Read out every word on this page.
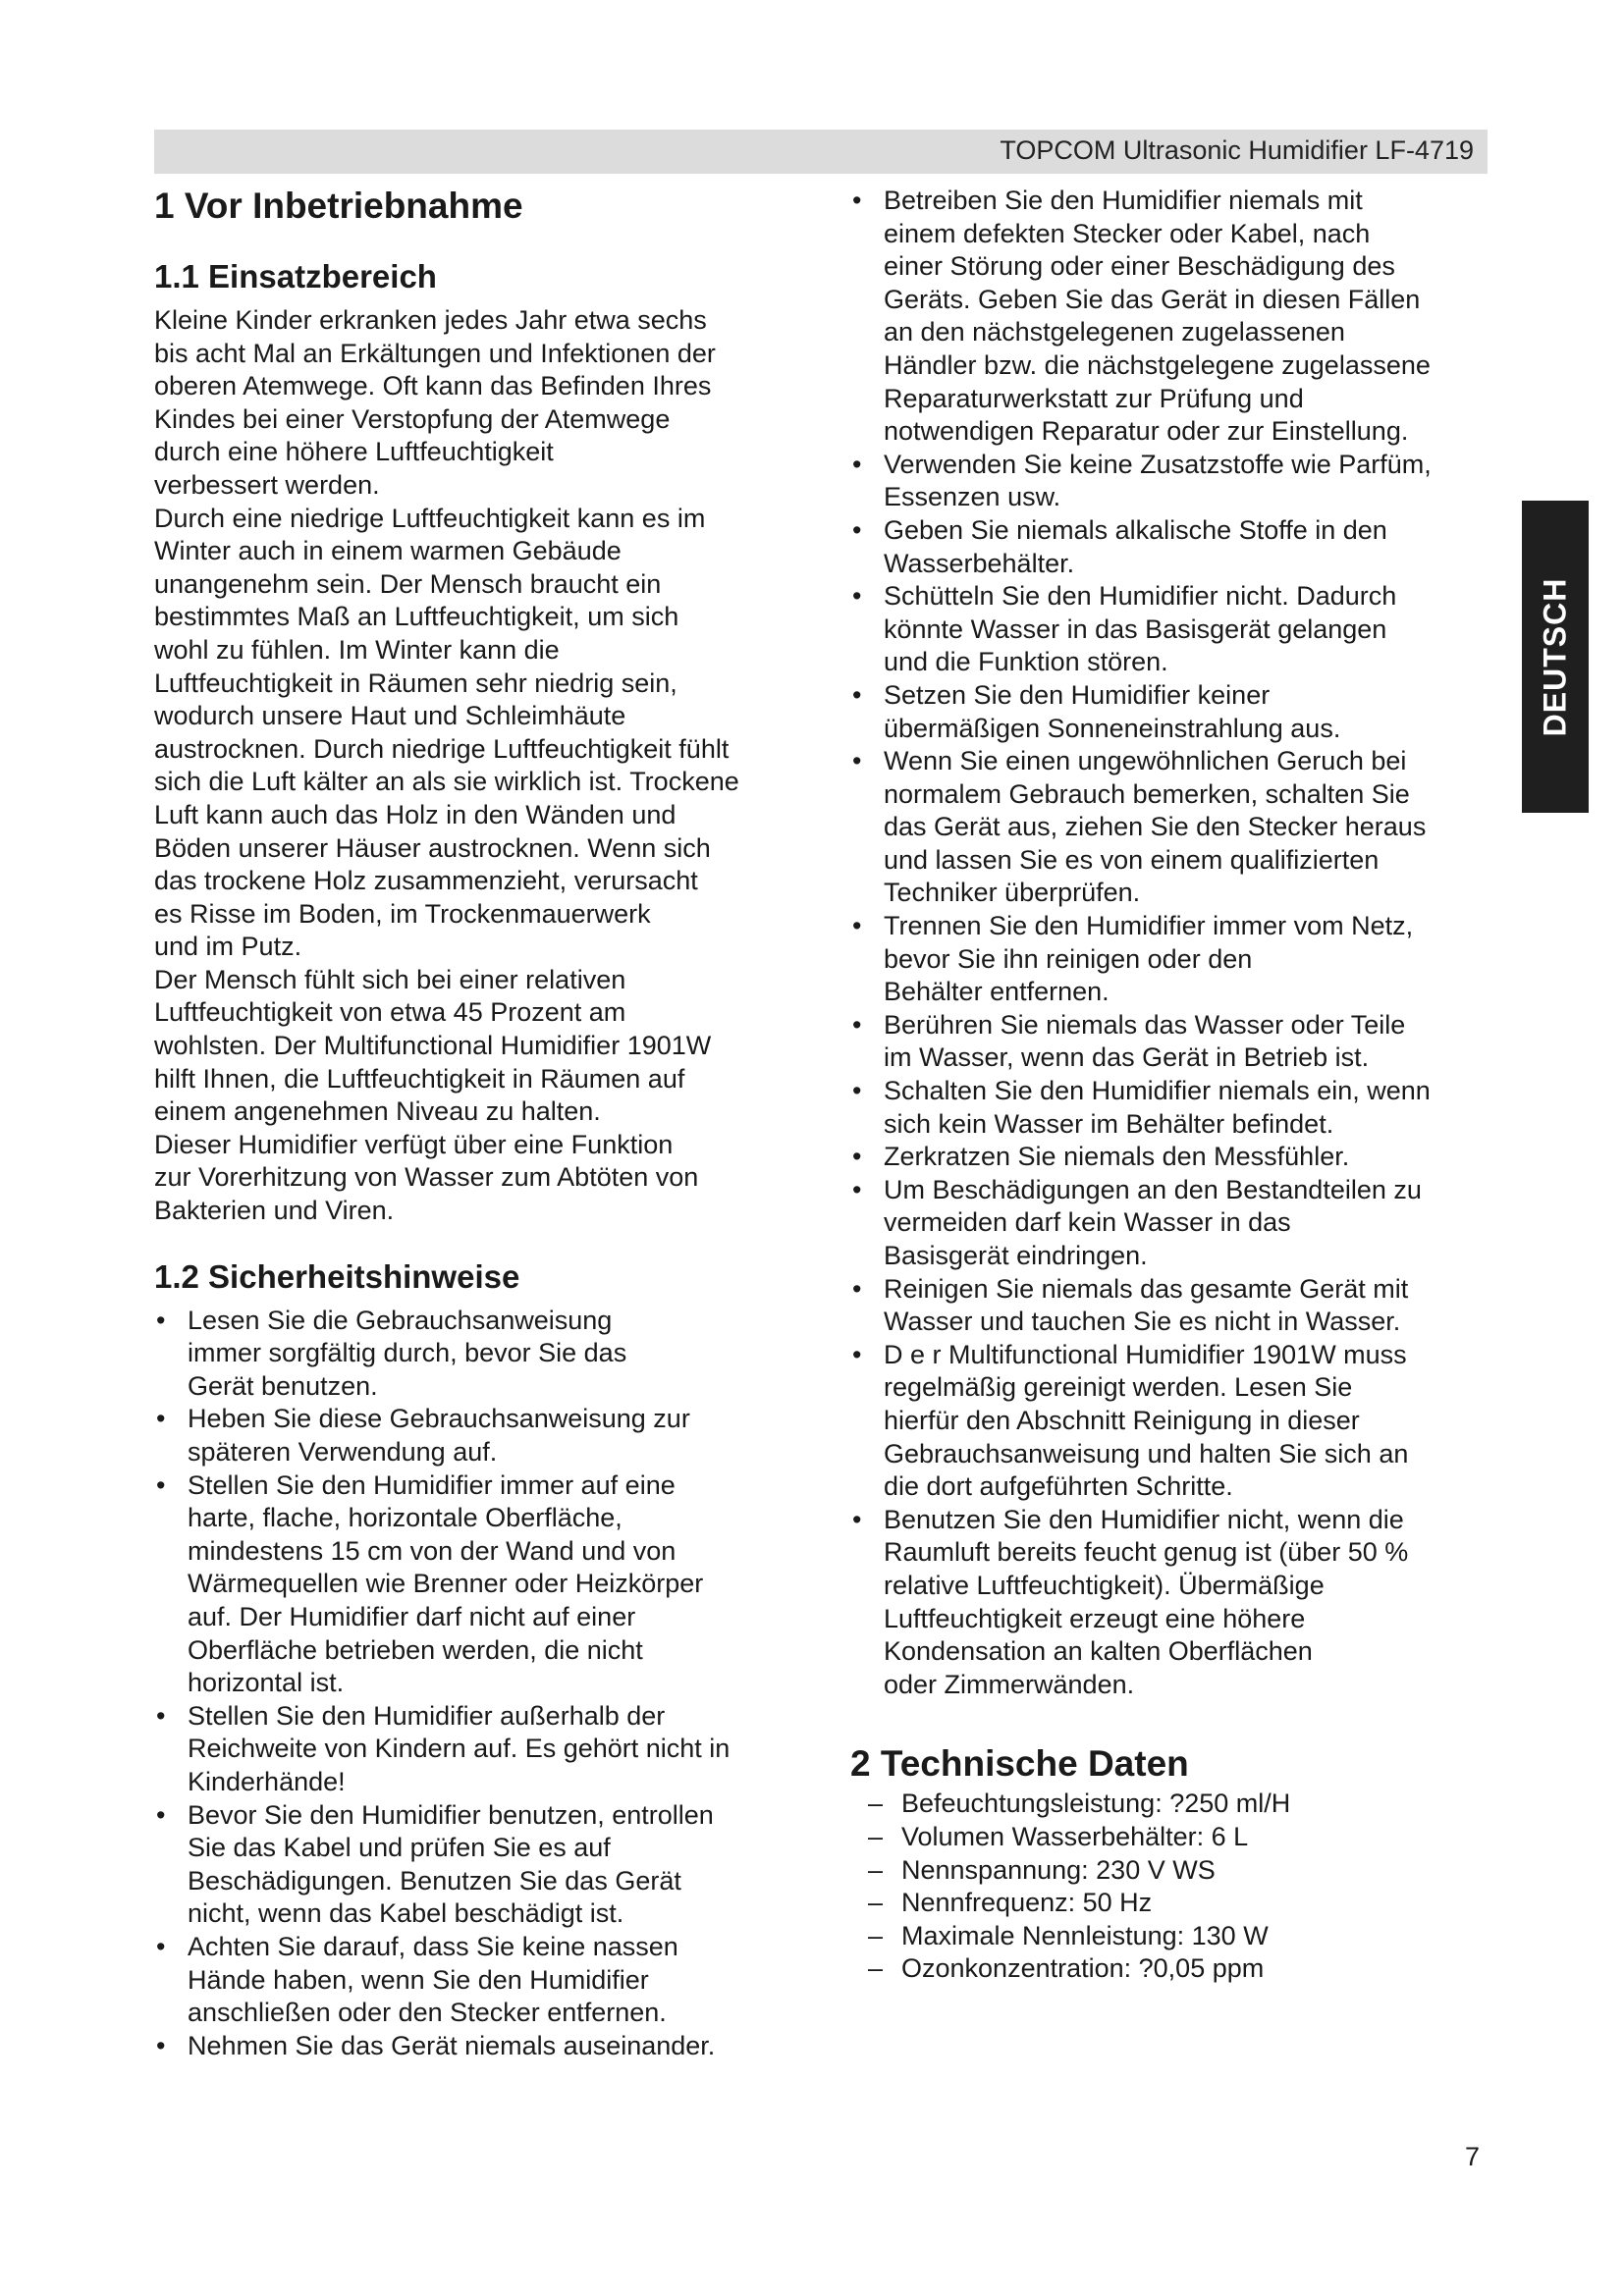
TOPCOM Ultrasonic Humidifier LF-4719
1 Vor Inbetriebnahme
1.1 Einsatzbereich

Kleine Kinder erkranken jedes Jahr etwa sechs
bis acht Mal an Erkältungen und Infektionen der
oberen Atemwege. Oft kann das Befinden Ihres
Kindes bei einer Verstopfung der Atemwege
durch eine höhere Luftfeuchtigkeit
verbessert werden.
Durch eine niedrige Luftfeuchtigkeit kann es im
Winter auch in einem warmen Gebäude
unangenehm sein. Der Mensch braucht ein
bestimmtes Maß an Luftfeuchtigkeit, um sich
wohl zu fühlen. Im Winter kann die
Luftfeuchtigkeit in Räumen sehr niedrig sein,
wodurch unsere Haut und Schleimhäute
austrocknen. Durch niedrige Luftfeuchtigkeit fühlt
sich die Luft kälter an als sie wirklich ist. Trockene
Luft kann auch das Holz in den Wänden und
Böden unserer Häuser austrocknen. Wenn sich
das trockene Holz zusammenzieht, verursacht
es Risse im Boden, im Trockenmauerwerk
und im Putz.
Der Mensch fühlt sich bei einer relativen
Luftfeuchtigkeit von etwa 45 Prozent am
wohlsten. Der Multifunctional Humidifier 1901W
hilft Ihnen, die Luftfeuchtigkeit in Räumen auf
einem angenehmen Niveau zu halten.
Dieser Humidifier verfügt über eine Funktion
zur Vorerhitzung von Wasser zum Abtöten von
Bakterien und Viren.

1.2 Sicherheitshinweise
• Lesen Sie die Gebrauchsanweisung
immer sorgfältig durch, bevor Sie das
Gerät benutzen.
• Heben Sie diese Gebrauchsanweisung zur
späteren Verwendung auf.
• Stellen Sie den Humidifier immer auf eine
harte, flache, horizontale Oberfläche,
mindestens 15 cm von der Wand und von
Wärmequellen wie Brenner oder Heizkörper
auf. Der Humidifier darf nicht auf einer
Oberfläche betrieben werden, die nicht
horizontal ist.
• Stellen Sie den Humidifier außerhalb der
Reichweite von Kindern auf. Es gehört nicht in
Kinderhände!
• Bevor Sie den Humidifier benutzen, entrollen
Sie das Kabel und prüfen Sie es auf
Beschädigungen. Benutzen Sie das Gerät
nicht, wenn das Kabel beschädigt ist.
• Achten Sie darauf, dass Sie keine nassen
Hände haben, wenn Sie den Humidifier
anschließen oder den Stecker entfernen.
• Nehmen Sie das Gerät niemals auseinander.
• Betreiben Sie den Humidifier niemals mit
einem defekten Stecker oder Kabel, nach
einer Störung oder einer Beschädigung des
Geräts. Geben Sie das Gerät in diesen Fällen
an den nächstgelegenen zugelassenen
Händler bzw. die nächstgelegene zugelassene
Reparaturwerkstatt zur Prüfung und
notwendigen Reparatur oder zur Einstellung.
• Verwenden Sie keine Zusatzstoffe wie Parfüm,
Essenzen usw.
• Geben Sie niemals alkalische Stoffe in den
Wasserbehälter.
• Schütteln Sie den Humidifier nicht. Dadurch
könnte Wasser in das Basisgerät gelangen
und die Funktion stören.
• Setzen Sie den Humidifier keiner
übermäßigen Sonneneinstrahlung aus.
• Wenn Sie einen ungewöhnlichen Geruch bei
normalem Gebrauch bemerken, schalten Sie
das Gerät aus, ziehen Sie den Stecker heraus
und lassen Sie es von einem qualifizierten
Techniker überprüfen.
• Trennen Sie den Humidifier immer vom Netz,
bevor Sie ihn reinigen oder den
Behälter entfernen.
• Berühren Sie niemals das Wasser oder Teile
im Wasser, wenn das Gerät in Betrieb ist.
• Schalten Sie den Humidifier niemals ein, wenn
sich kein Wasser im Behälter befindet.
• Zerkratzen Sie niemals den Messfühler.
• Um Beschädigungen an den Bestandteilen zu
vermeiden darf kein Wasser in das
Basisgerät eindringen.
• Reinigen Sie niemals das gesamte Gerät mit
Wasser und tauchen Sie es nicht in Wasser.
• D e r Multifunctional Humidifier 1901W muss
regelmäßig gereinigt werden. Lesen Sie
hierfür den Abschnitt Reinigung in dieser
Gebrauchsanweisung und halten Sie sich an
die dort aufgeführten Schritte.
• Benutzen Sie den Humidifier nicht, wenn die
Raumluft bereits feucht genug ist (über 50 %
relative Luftfeuchtigkeit). Übermäßige
Luftfeuchtigkeit erzeugt eine höhere
Kondensation an kalten Oberflächen
oder Zimmerwänden.
2 Technische Daten
– Befeuchtungsleistung: ?250 ml/H
– Volumen Wasserbehälter: 6 L
– Nennspannung: 230 V WS
– Nennfrequenz: 50 Hz
– Maximale Nennleistung: 130 W
– Ozonkonzentration: ?0,05 ppm
DEUTSCH
7
